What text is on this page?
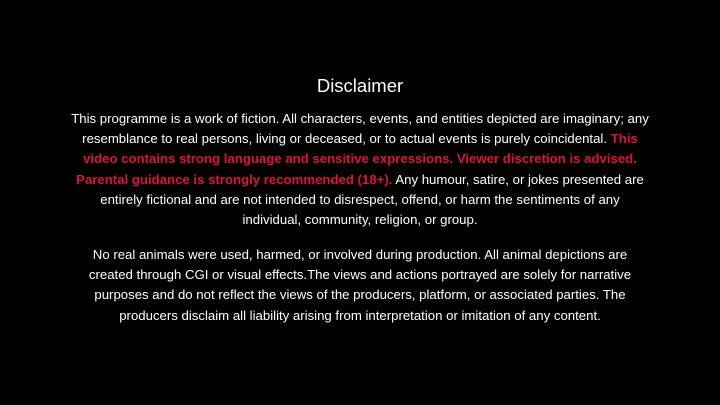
Disclaimer

This programme is a work of fiction. All characters, events, and entities depicted are imaginary; any resemblance to real persons, living or deceased, or to actual events is purely coincidental. This video contains strong language and sensitive expressions. Viewer discretion is advised. Parental guidance is strongly recommended (18+). Any humour, satire, or jokes presented are entirely fictional and are not intended to disrespect, offend, or harm the sentiments of any individual, community, religion, or group.

No real animals were used, harmed, or involved during production. All animal depictions are created through CGI or visual effects.The views and actions portrayed are solely for narrative purposes and do not reflect the views of the producers, platform, or associated parties. The producers disclaim all liability arising from interpretation or imitation of any content.
